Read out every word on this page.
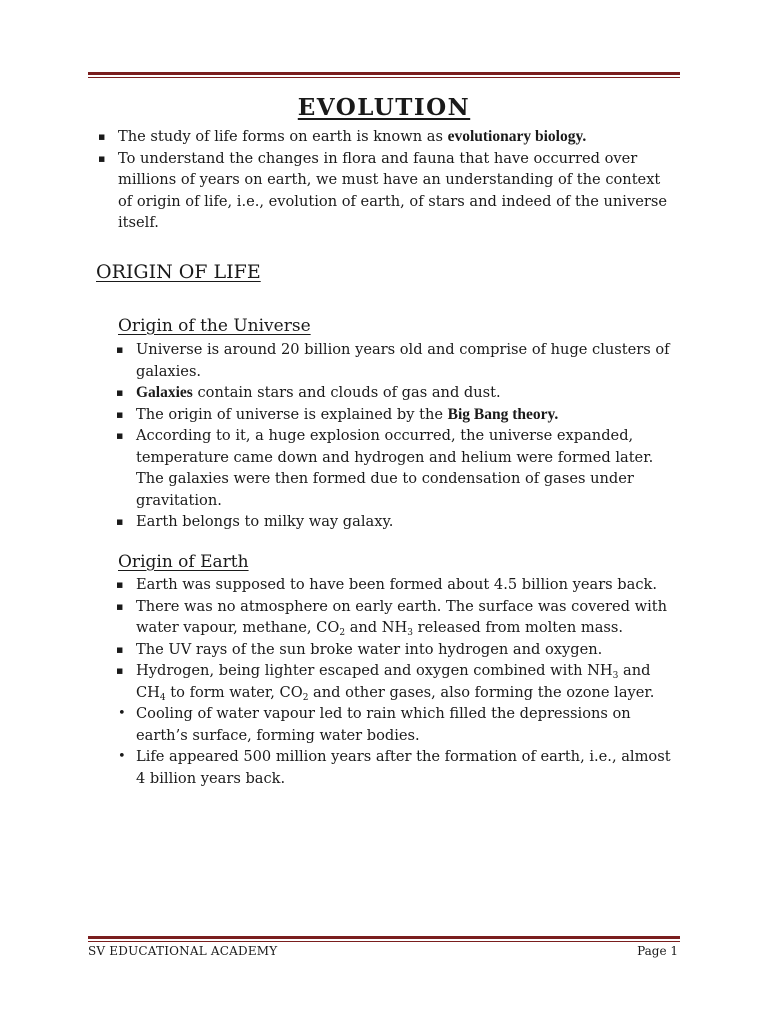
EVOLUTION
▪ The study of life forms on earth is known as evolutionary biology.
▪ To understand the changes in flora and fauna that have occurred over millions of years on earth, we must have an understanding of the context of origin of life, i.e., evolution of earth, of stars and indeed of the universe itself.
ORIGIN OF LIFE
Origin of the Universe
▪ Universe is around 20 billion years old and comprise of huge clusters of galaxies.
▪ Galaxies contain stars and clouds of gas and dust.
▪ The origin of universe is explained by the Big Bang theory.
▪ According to it, a huge explosion occurred, the universe expanded, temperature came down and hydrogen and helium were formed later. The galaxies were then formed due to condensation of gases under gravitation.
▪ Earth belongs to milky way galaxy.
Origin of Earth
▪ Earth was supposed to have been formed about 4.5 billion years back.
▪ There was no atmosphere on early earth. The surface was covered with water vapour, methane, $CO_2$ and $NH_3$ released from molten mass.
▪ The UV rays of the sun broke water into hydrogen and oxygen.
▪ Hydrogen, being lighter escaped and oxygen combined with $NH_3$ and $CH_4$ to form water, $CO_2$ and other gases, also forming the ozone layer.
• Cooling of water vapour led to rain which filled the depressions on earth’s surface, forming water bodies.
• Life appeared 500 million years after the formation of earth, i.e., almost 4 billion years back.
SV EDUCATIONAL ACADEMY	Page 1
